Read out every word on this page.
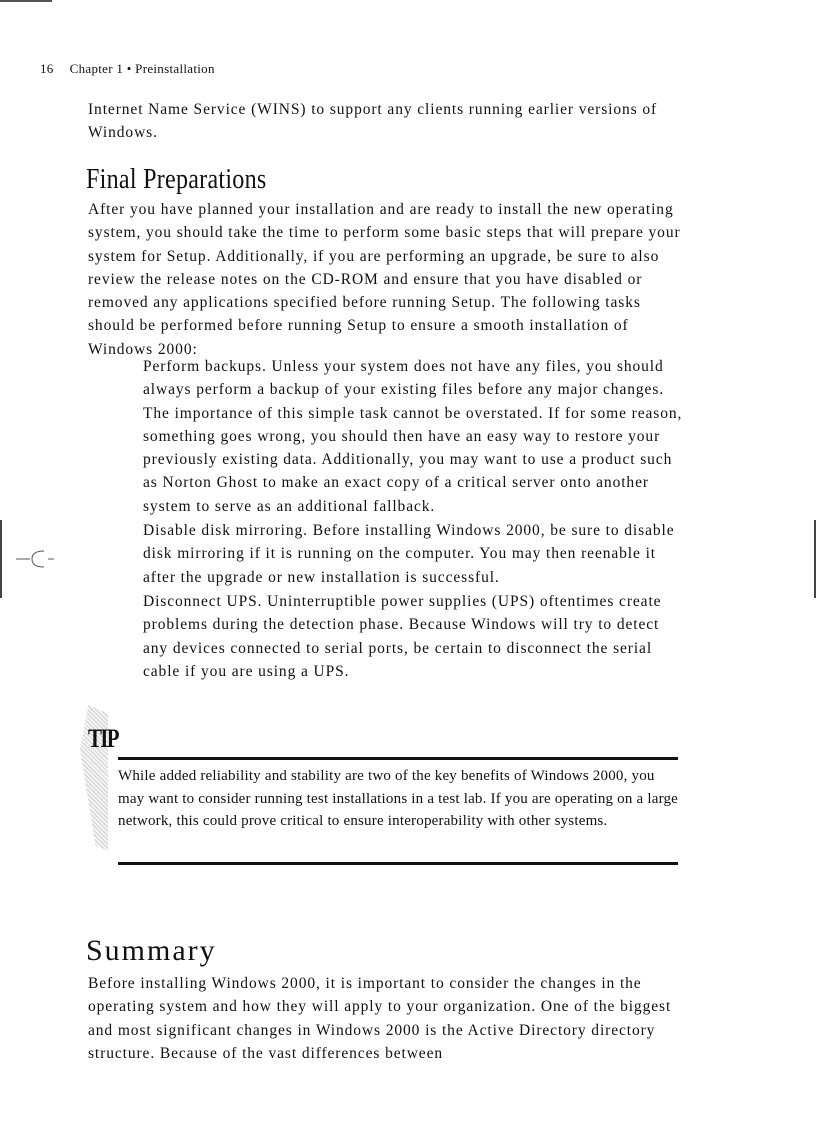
16 Chapter 1 • Preinstallation

Internet Name Service (WINS) to support any clients running earlier versions of Windows.

Final Preparations

After you have planned your installation and are ready to install the new operating system, you should take the time to perform some basic steps that will prepare your system for Setup. Additionally, if you are performing an upgrade, be sure to also review the release notes on the CD-ROM and ensure that you have disabled or removed any applications specified before running Setup. The following tasks should be performed before running Setup to ensure a smooth installation of Windows 2000:

Perform backups. Unless your system does not have any files, you should always perform a backup of your existing files before any major changes. The importance of this simple task cannot be overstated. If for some reason, something goes wrong, you should then have an easy way to restore your previously existing data. Additionally, you may want to use a product such as Norton Ghost to make an exact copy of a critical server onto another system to serve as an additional fallback.

Disable disk mirroring. Before installing Windows 2000, be sure to disable disk mirroring if it is running on the computer. You may then reenable it after the upgrade or new installation is successful.

Disconnect UPS. Uninterruptible power supplies (UPS) oftentimes create problems during the detection phase. Because Windows will try to detect any devices connected to serial ports, be certain to disconnect the serial cable if you are using a UPS.

TIP

While added reliability and stability are two of the key benefits of Windows 2000, you may want to consider running test installations in a test lab. If you are operating on a large network, this could prove critical to ensure interoperability with other systems.

Summary

Before installing Windows 2000, it is important to consider the changes in the operating system and how they will apply to your organization. One of the biggest and most significant changes in Windows 2000 is the Active Directory directory structure. Because of the vast differences between
